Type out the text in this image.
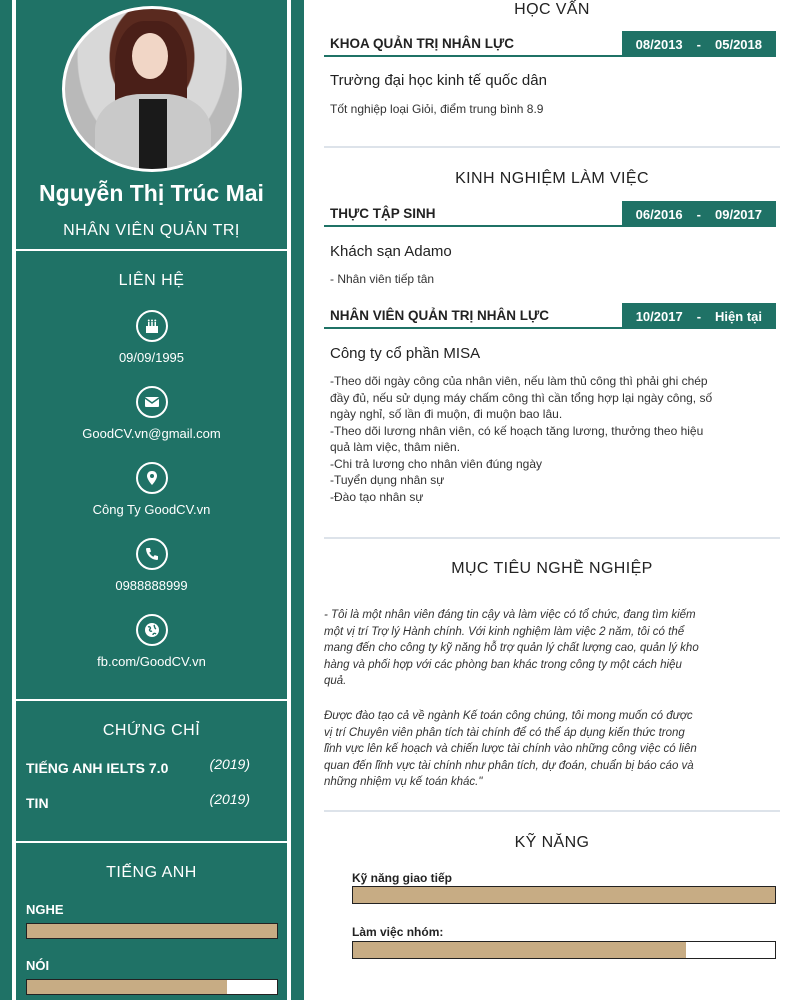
Nguyễn Thị Trúc Mai
NHÂN VIÊN QUẢN TRỊ
LIÊN HỆ
09/09/1995
GoodCV.vn@gmail.com
Công Ty GoodCV.vn
0988888999
fb.com/GoodCV.vn
CHỨNG CHỈ
TIẾNG ANH IELTS 7.0	(2019)
TIN	(2019)
TIẾNG ANH
NGHE
NÓI
HỌC VẤN
KHOA QUẢN TRỊ NHÂN LỰC	08/2013 - 05/2018
Trường đại học kinh tế quốc dân
Tốt nghiệp loại Giỏi, điểm trung bình 8.9
KINH NGHIỆM LÀM VIỆC
THỰC TẬP SINH	06/2016 - 09/2017
Khách sạn Adamo
- Nhân viên tiếp tân
NHÂN VIÊN QUẢN TRỊ NHÂN LỰC	10/2017 - Hiện tại
Công ty cổ phần MISA
-Theo dõi ngày công của nhân viên, nếu làm thủ công thì phải ghi chép
đầy đủ, nếu sử dụng máy chấm công thì cần tổng hợp lại ngày công, số
ngày nghỉ, số lần đi muộn, đi muộn bao lâu.
-Theo dõi lương nhân viên, có kế hoạch tăng lương, thưởng theo hiệu
quả làm việc, thâm niên.
-Chi trả lương cho nhân viên đúng ngày
-Tuyển dụng nhân sự
-Đào tạo nhân sự
MỤC TIÊU NGHỀ NGHIỆP
- Tôi là một nhân viên đáng tin cậy và làm việc có tổ chức, đang tìm kiếm
một vị trí Trợ lý Hành chính. Với kinh nghiệm làm việc 2 năm, tôi có thể
mang đến cho công ty kỹ năng hỗ trợ quản lý chất lượng cao, quản lý kho
hàng và phối hợp với các phòng ban khác trong công ty một cách hiệu
quả.
Được đào tạo cả về ngành Kế toán công chúng, tôi mong muốn có được
vị trí Chuyên viên phân tích tài chính để có thể áp dụng kiến thức trong
lĩnh vực lên kế hoạch và chiến lược tài chính vào những công việc có liên
quan đến lĩnh vực tài chính như phân tích, dự đoán, chuẩn bị báo cáo và
những nhiệm vụ kế toán khác."
KỸ NĂNG
Kỹ năng giao tiếp
Làm việc nhóm:
